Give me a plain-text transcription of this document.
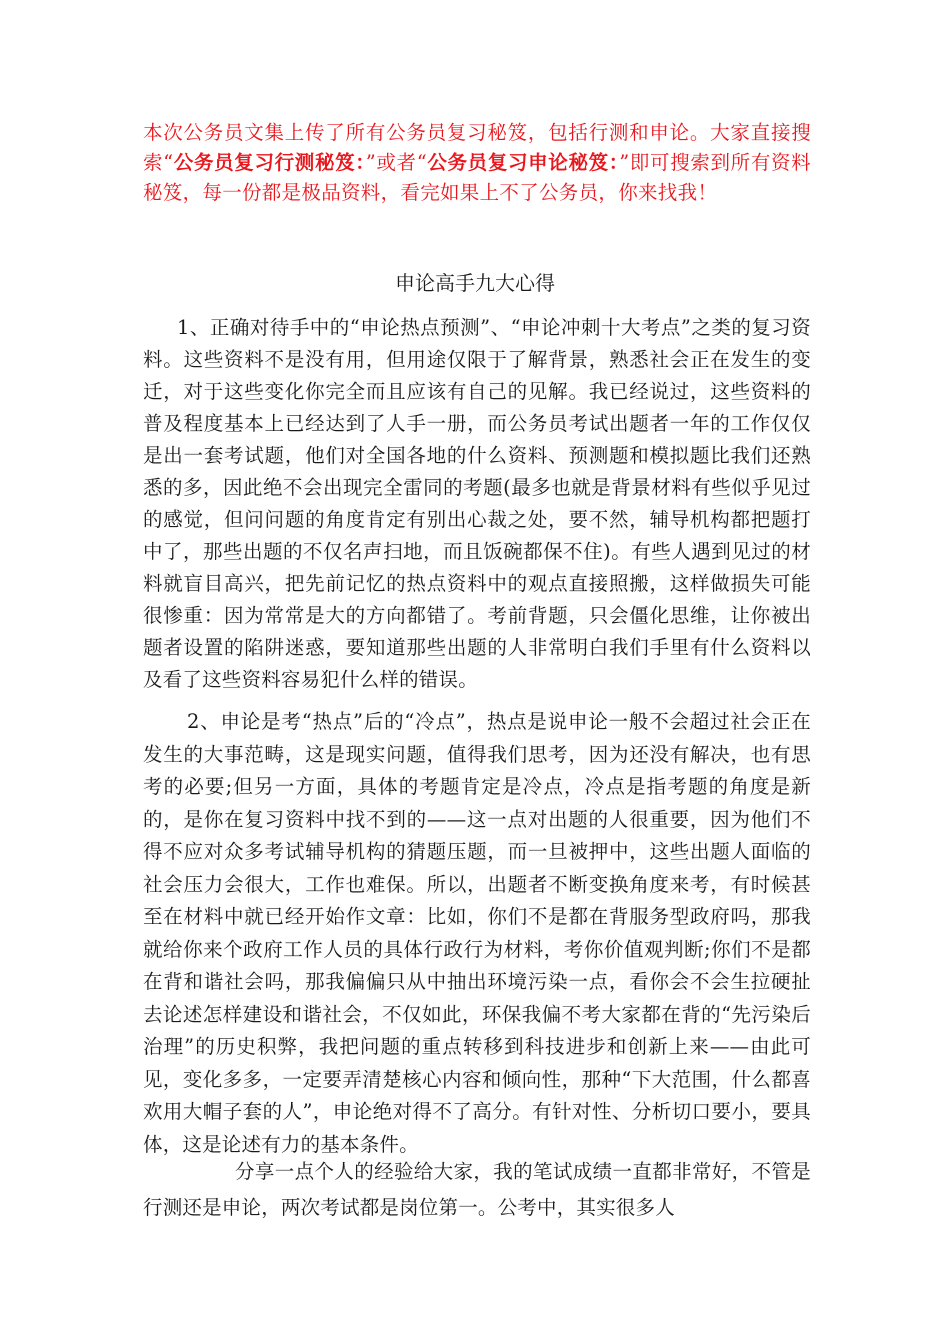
本次公务员文集上传了所有公务员复习秘笈，包括行测和申论。大家直接搜索“公务员复习行测秘笈：”或者“公务员复习申论秘笈：”即可搜索到所有资料秘笈，每一份都是极品资料，看完如果上不了公务员，你来找我！
申论高手九大心得
1、正确对待手中的“申论热点预测”、“申论冲刺十大考点”之类的复习资料。这些资料不是没有用，但用途仅限于了解背景，熟悉社会正在发生的变迁，对于这些变化你完全而且应该有自己的见解。我已经说过，这些资料的普及程度基本上已经达到了人手一册，而公务员考试出题者一年的工作仅仅是出一套考试题，他们对全国各地的什么资料、预测题和模拟题比我们还熟悉的多，因此绝不会出现完全雷同的考题(最多也就是背景材料有些似乎见过的感觉，但问问题的角度肯定有别出心裁之处，要不然，辅导机构都把题打中了，那些出题的不仅名声扫地，而且饭碗都保不住)。有些人遇到见过的材料就盲目高兴，把先前记忆的热点资料中的观点直接照搬，这样做损失可能很惨重：因为常常是大的方向都错了。考前背题，只会僵化思维，让你被出题者设置的陷阱迷惑，要知道那些出题的人非常明白我们手里有什么资料以及看了这些资料容易犯什么样的错误。
2、申论是考“热点”后的“冷点”，热点是说申论一般不会超过社会正在发生的大事范畴，这是现实问题，值得我们思考，因为还没有解决，也有思考的必要;但另一方面，具体的考题肯定是冷点，冷点是指考题的角度是新的，是你在复习资料中找不到的——这一点对出题的人很重要，因为他们不得不应对众多考试辅导机构的猜题压题，而一旦被押中，这些出题人面临的社会压力会很大，工作也难保。所以，出题者不断变换角度来考，有时候甚至在材料中就已经开始作文章：比如，你们不是都在背服务型政府吗，那我就给你来个政府工作人员的具体行政行为材料，考你价值观判断;你们不是都在背和谐社会吗，那我偏偏只从中抽出环境污染一点，看你会不会生拉硬扯去论述怎样建设和谐社会，不仅如此，环保我偏不考大家都在背的“先污染后治理”的历史积弊，我把问题的重点转移到科技进步和创新上来——由此可见，变化多多，一定要弄清楚核心内容和倾向性，那种“下大范围，什么都喜欢用大帽子套的人”，申论绝对得不了高分。有针对性、分析切口要小，要具体，这是论述有力的基本条件。
分享一点个人的经验给大家，我的笔试成绩一直都非常好，不管是行测还是申论，两次考试都是岗位第一。公考中，其实很多人
